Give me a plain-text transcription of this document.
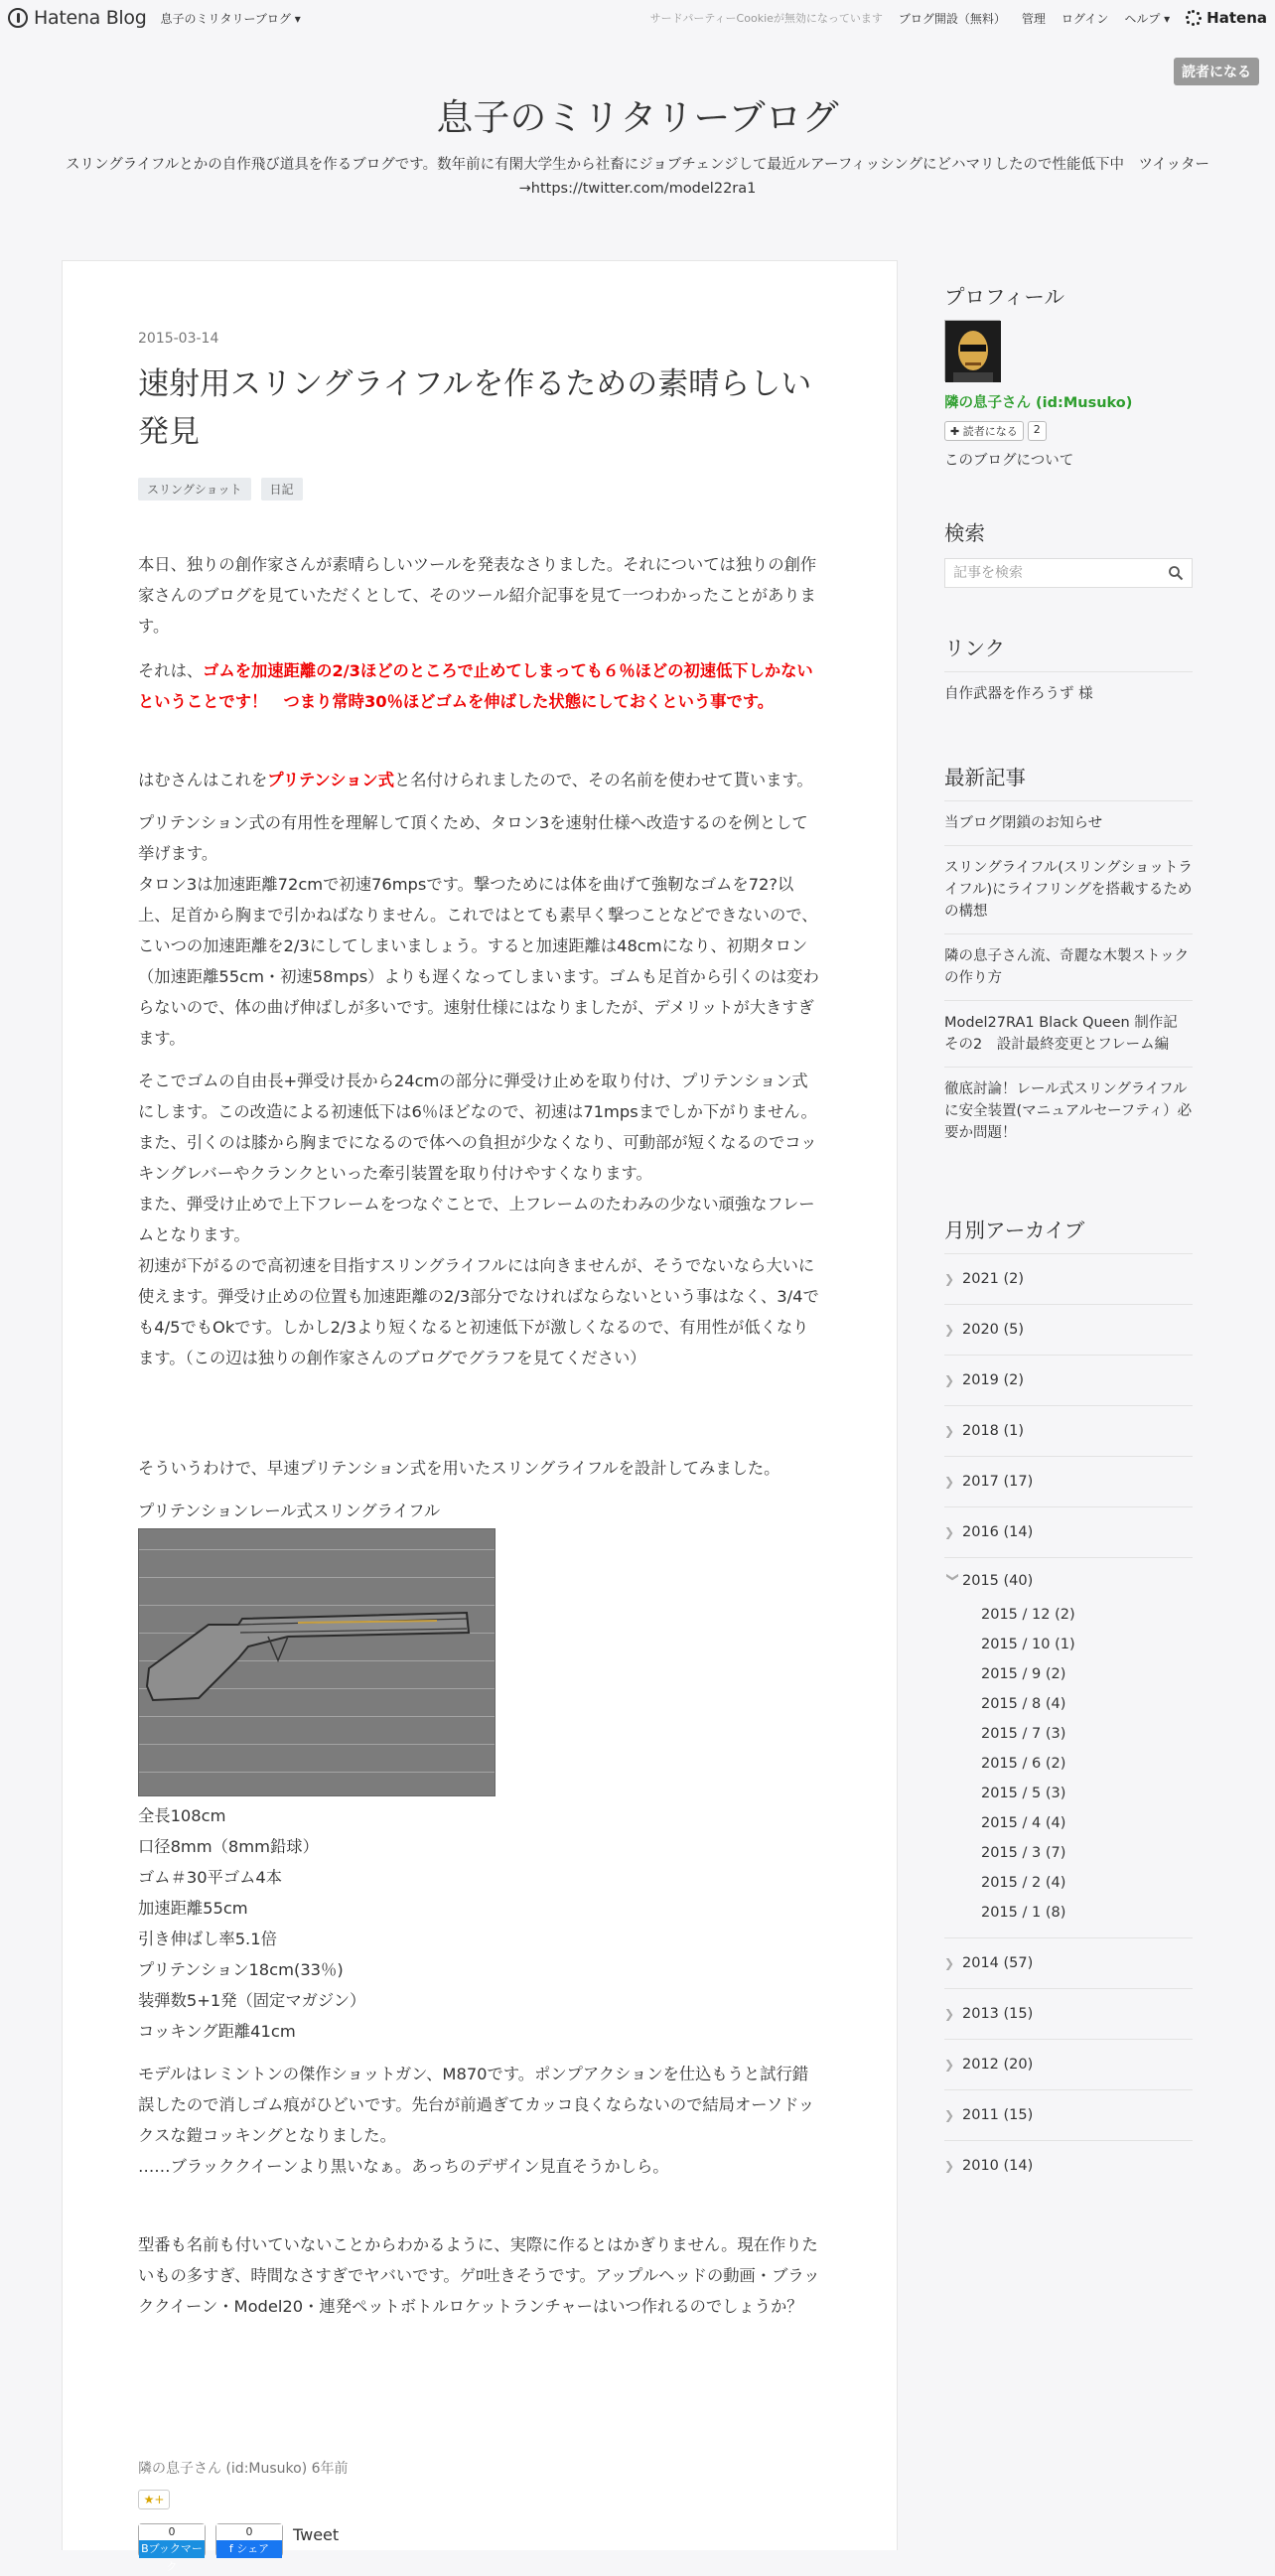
Hatena Blog 息子のミリタリーブログ ▾	サードパーティーCookieが無効になっています ブログ開設（無料） 管理 ログイン ヘルプ ▾ Hatena
読者になる
息子のミリタリーブログ
スリングライフルとかの自作飛び道具を作るブログです。数年前に有閑大学生から社畜にジョブチェンジして最近ルアーフィッシングにどハマリしたので性能低下中　ツイッター→https://twitter.com/model22ra1
2015-03-14
速射用スリングライフルを作るための素晴らしい発見
スリングショット	日記

本日、独りの創作家さんが素晴らしいツールを発表なさりました。それについては独りの創作家さんのブログを見ていただくとして、そのツール紹介記事を見て一つわかったことがあります。

それは、ゴムを加速距離の2/3ほどのところで止めてしまっても６％ほどの初速低下しかないということです！　つまり常時30％ほどゴムを伸ばした状態にしておくという事です。

はむさんはこれをプリテンション式と名付けられましたので、その名前を使わせて貰います。

プリテンション式の有用性を理解して頂くため、タロン3を速射仕様へ改造するのを例として挙げます。

タロン3は加速距離72cmで初速76mpsです。撃つためには体を曲げて強靭なゴムを72?以上、足首から胸まで引かねばなりません。これではとても素早く撃つことなどできないので、こいつの加速距離を2/3にしてしまいましょう。すると加速距離は48cmになり、初期タロン（加速距離55cm・初速58mps）よりも遅くなってしまいます。ゴムも足首から引くのは変わらないので、体の曲げ伸ばしが多いです。速射仕様にはなりましたが、デメリットが大きすぎます。

そこでゴムの自由長+弾受け長から24cmの部分に弾受け止めを取り付け、プリテンション式にします。この改造による初速低下は6％ほどなので、初速は71mpsまでしか下がりません。

また、引くのは膝から胸までになるので体への負担が少なくなり、可動部が短くなるのでコッキングレバーやクランクといった牽引装置を取り付けやすくなります。

また、弾受け止めで上下フレームをつなぐことで、上フレームのたわみの少ない頑強なフレームとなります。

初速が下がるので高初速を目指すスリングライフルには向きませんが、そうでないなら大いに使えます。弾受け止めの位置も加速距離の2/3部分でなければならないという事はなく、3/4でも4/5でもOkです。しかし2/3より短くなると初速低下が激しくなるので、有用性が低くなります。（この辺は独りの創作家さんのブログでグラフを見てください）

そういうわけで、早速プリテンション式を用いたスリングライフルを設計してみました。

プリテンションレール式スリングライフル

全長108cm
口径8mm（8mm鉛球）
ゴム＃30平ゴム4本
加速距離55cm
引き伸ばし率5.1倍
プリテンション18cm(33％)
装弾数5+1発（固定マガジン）
コッキング距離41cm

モデルはレミントンの傑作ショットガン、M870です。ポンプアクションを仕込もうと試行錯誤したので消しゴム痕がひどいです。先台が前過ぎてカッコ良くならないので結局オーソドックスな鎧コッキングとなりました。

……ブラッククイーンより黒いなぁ。あっちのデザイン見直そうかしら。

型番も名前も付いていないことからわかるように、実際に作るとはかぎりません。現在作りたいもの多すぎ、時間なさすぎでヤバいです。ゲﾛ吐きそうです。アップルヘッドの動画・ブラッククイーン・Model20・連発ペットボトルロケットランチャーはいつ作れるのでしょうか？

隣の息子さん (id:Musuko) 6年前
★+
0
Bブックマーク
0
f シェア
Tweet
プロフィール
隣の息子さん (id:Musuko)
✚ 読者になる	2
このブログについて
検索
記事を検索
リンク
自作武器を作ろうず 様
最新記事
当ブログ閉鎖のお知らせ
スリングライフル(スリングショットライフル)にライフリングを搭載するための構想
隣の息子さん流、奇麗な木製ストックの作り方
Model27RA1 Black Queen 制作記 その2　設計最終変更とフレーム編
徹底討論！レール式スリングライフルに安全装置(マニュアルセーフティ）必要か問題！
月別アーカイブ
❯ 2021 (2)
❯ 2020 (5)
❯ 2019 (2)
❯ 2018 (1)
❯ 2017 (17)
❯ 2016 (14)
❯ 2015 (40)
2015 / 12 (2)
2015 / 10 (1)
2015 / 9 (2)
2015 / 8 (4)
2015 / 7 (3)
2015 / 6 (2)
2015 / 5 (3)
2015 / 4 (4)
2015 / 3 (7)
2015 / 2 (4)
2015 / 1 (8)
❯ 2014 (57)
❯ 2013 (15)
❯ 2012 (20)
❯ 2011 (15)
❯ 2010 (14)
